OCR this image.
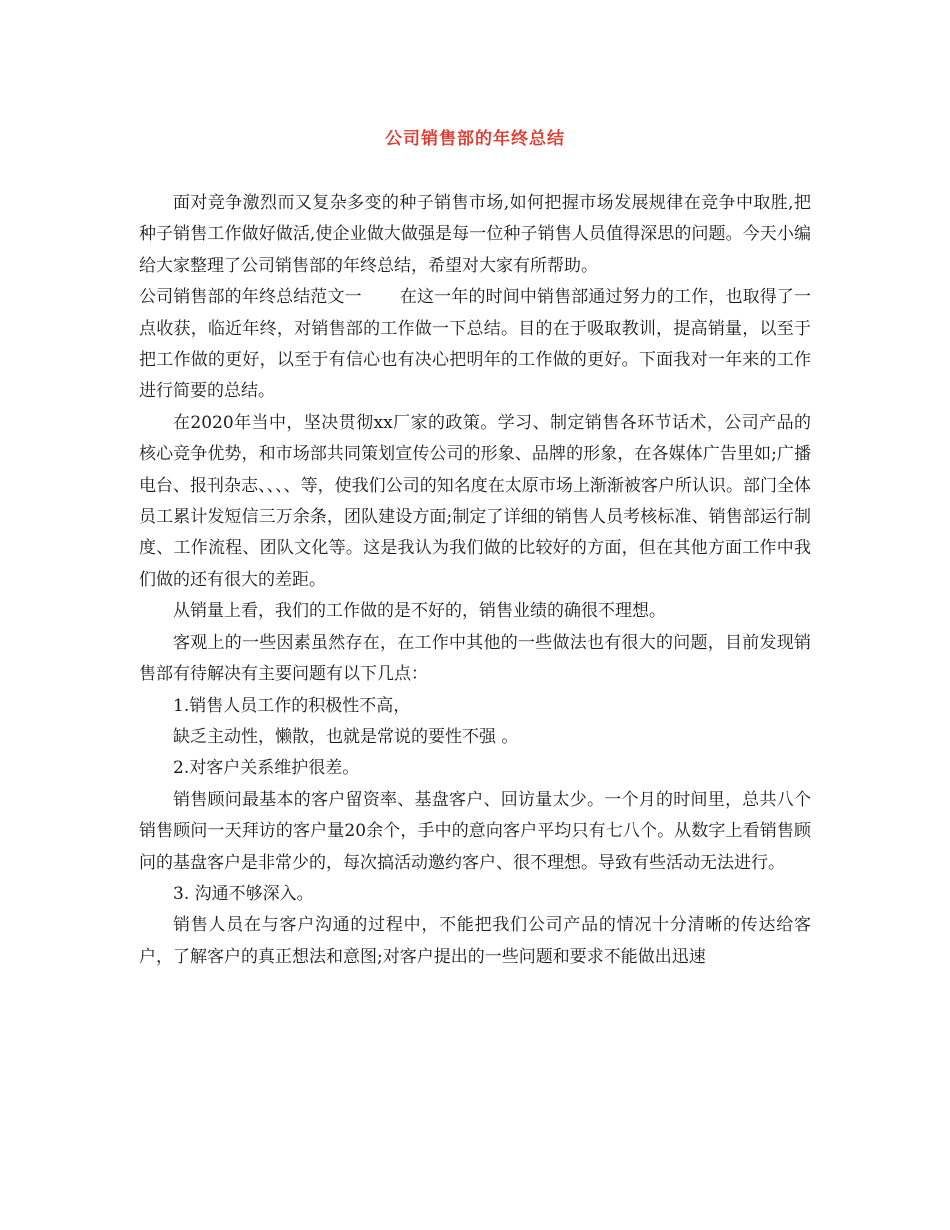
公司销售部的年终总结

面对竞争激烈而又复杂多变的种子销售市场,如何把握市场发展规律在竞争中取胜,把种子销售工作做好做活,使企业做大做强是每一位种子销售人员值得深思的问题。今天小编给大家整理了公司销售部的年终总结，希望对大家有所帮助。

公司销售部的年终总结范文一 在这一年的时间中销售部通过努力的工作，也取得了一点收获，临近年终，对销售部的工作做一下总结。目的在于吸取教训，提高销量，以至于把工作做的更好，以至于有信心也有决心把明年的工作做的更好。下面我对一年来的工作进行简要的总结。

在2020年当中，坚决贯彻xx厂家的政策。学习、制定销售各环节话术，公司产品的核心竞争优势，和市场部共同策划宣传公司的形象、品牌的形象，在各媒体广告里如;广播电台、报刊杂志、、、、等，使我们公司的知名度在太原市场上渐渐被客户所认识。部门全体员工累计发短信三万余条，团队建设方面;制定了详细的销售人员考核标准、销售部运行制度、工作流程、团队文化等。这是我认为我们做的比较好的方面，但在其他方面工作中我们做的还有很大的差距。

从销量上看，我们的工作做的是不好的，销售业绩的确很不理想。

客观上的一些因素虽然存在，在工作中其他的一些做法也有很大的问题，目前发现销售部有待解决有主要问题有以下几点：

1.销售人员工作的积极性不高，

缺乏主动性，懒散，也就是常说的要性不强 。

2.对客户关系维护很差。

销售顾问最基本的客户留资率、基盘客户、回访量太少。一个月的时间里，总共八个销售顾问一天拜访的客户量20余个，手中的意向客户平均只有七八个。从数字上看销售顾问的基盘客户是非常少的，每次搞活动邀约客户、很不理想。导致有些活动无法进行。

3. 沟通不够深入。

销售人员在与客户沟通的过程中，不能把我们公司产品的情况十分清晰的传达给客户，了解客户的真正想法和意图;对客户提出的一些问题和要求不能做出迅速
